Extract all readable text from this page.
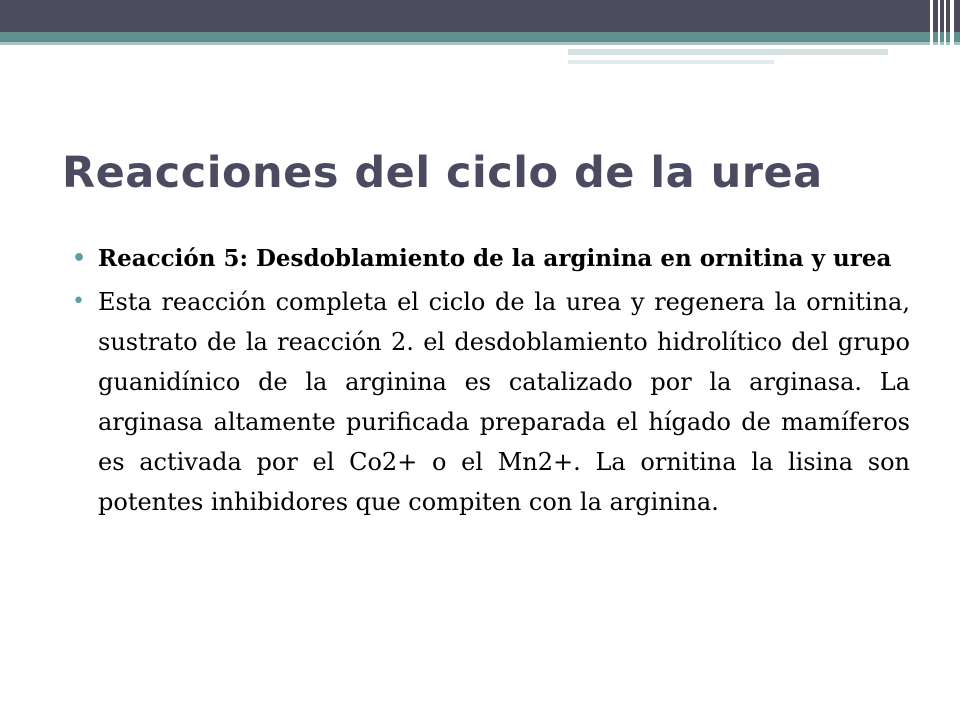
Reacciones del ciclo de la urea
• Reacción 5: Desdoblamiento de la arginina en ornitina y urea
• Esta reacción completa el ciclo de la urea y regenera la ornitina, sustrato de la reacción 2. el desdoblamiento hidrolítico del grupo guanidínico de la arginina es catalizado por la arginasa. La arginasa altamente purificada preparada el hígado de mamíferos es activada por el Co2+ o el Mn2+. La ornitina la lisina son potentes inhibidores que compiten con la arginina.
